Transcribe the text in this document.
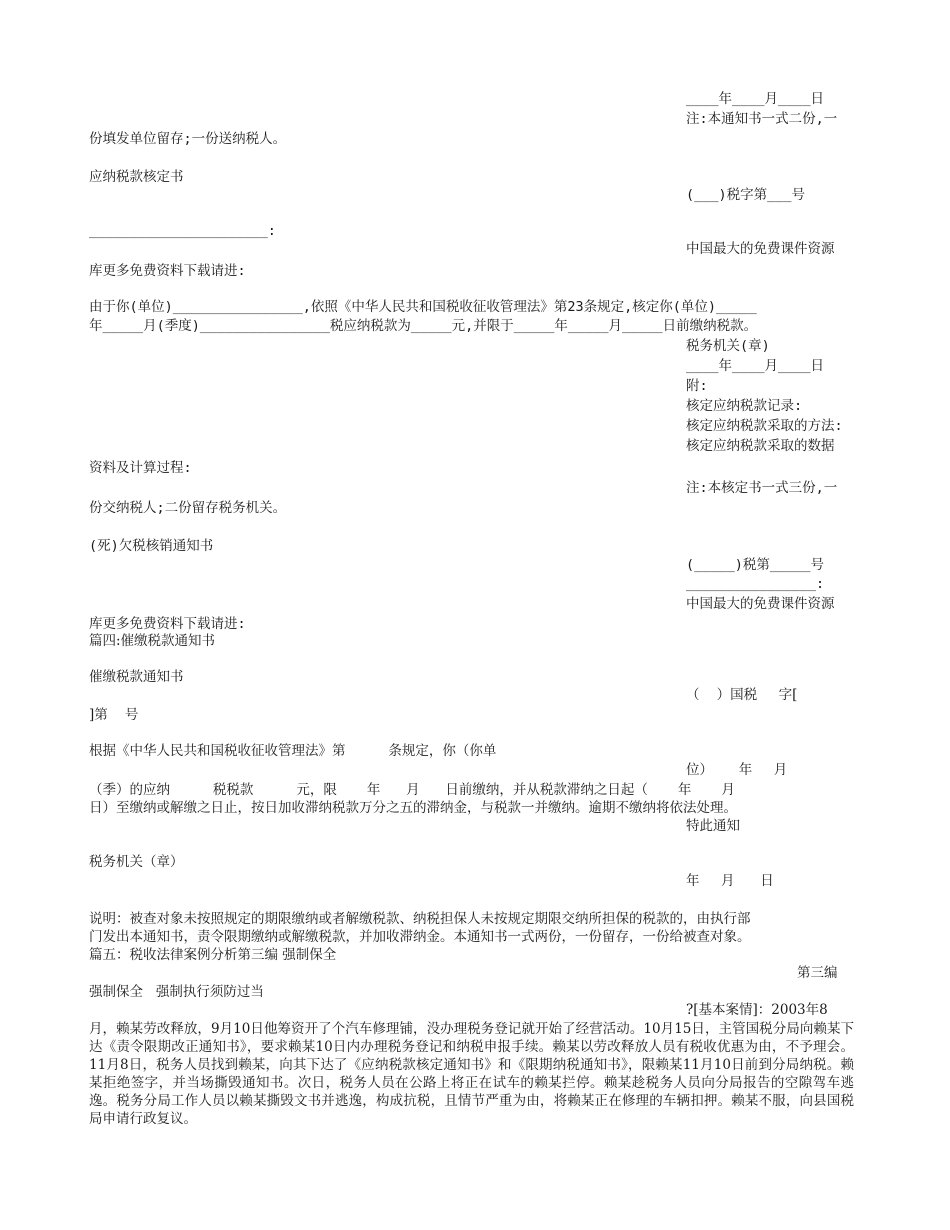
____年____月____日

注:本通知书一式二份,一

份填发单位留存;一份送纳税人。

应纳税款核定书

(___)税字第___号

______________________:

中国最大的免费课件资源

库更多免费资料下载请进:

由于你(单位)________________,依照《中华人民共和国税收征收管理法》第23条规定,核定你(单位)_____

年_____月(季度)________________税应纳税款为_____元,并限于_____年_____月_____日前缴纳税款。

税务机关(章)

____年____月____日

附:

核定应纳税款记录:

核定应纳税款采取的方法:

核定应纳税款采取的数据

资料及计算过程:

注:本核定书一式三份,一

份交纳税人;二份留存税务机关。

(死)欠税核销通知书

(_____)税第_____号

________________:

中国最大的免费课件资源

库更多免费资料下载请进:

篇四:催缴税款通知书

催缴税款通知书

（    ）国税     字[

]第    号

根据《中华人民共和国税收征收管理法》第          条规定，你（你单

位）      年     月

（季）的应纳          税税款          元，限       年      月      日前缴纳，并从税款滞纳之日起（       年       月

日）至缴纳或解缴之日止，按日加收滞纳税款万分之五的滞纳金，与税款一并缴纳。逾期不缴纳将依法处理。

特此通知

税务机关（章）

年     月      日

说明：被查对象未按照规定的期限缴纳或者解缴税款、纳税担保人未按规定期限交纳所担保的税款的，由执行部

门发出本通知书，责令限期缴纳或解缴税款，并加收滞纳金。本通知书一式两份，一份留存，一份给被查对象。

篇五：税收法律案例分析第三编 强制保全

第三编

强制保全   强制执行须防过当

?[基本案情]：2003年8

月，赖某劳改释放，9月10日他筹资开了个汽车修理铺，没办理税务登记就开始了经营活动。10月15日，主管国税分局向赖某下达《责令限期改正通知书》，要求赖某10日内办理税务登记和纳税申报手续。赖某以劳改释放人员有税收优惠为由，不予理会。11月8日，税务人员找到赖某，向其下达了《应纳税款核定通知书》和《限期纳税通知书》，限赖某11月10日前到分局纳税。赖某拒绝签字，并当场撕毁通知书。次日，税务人员在公路上将正在试车的赖某拦停。赖某趁税务人员向分局报告的空隙驾车逃逸。税务分局工作人员以赖某撕毁文书并逃逸，构成抗税，且情节严重为由，将赖某正在修理的车辆扣押。赖某不服，向县国税局申请行政复议。
